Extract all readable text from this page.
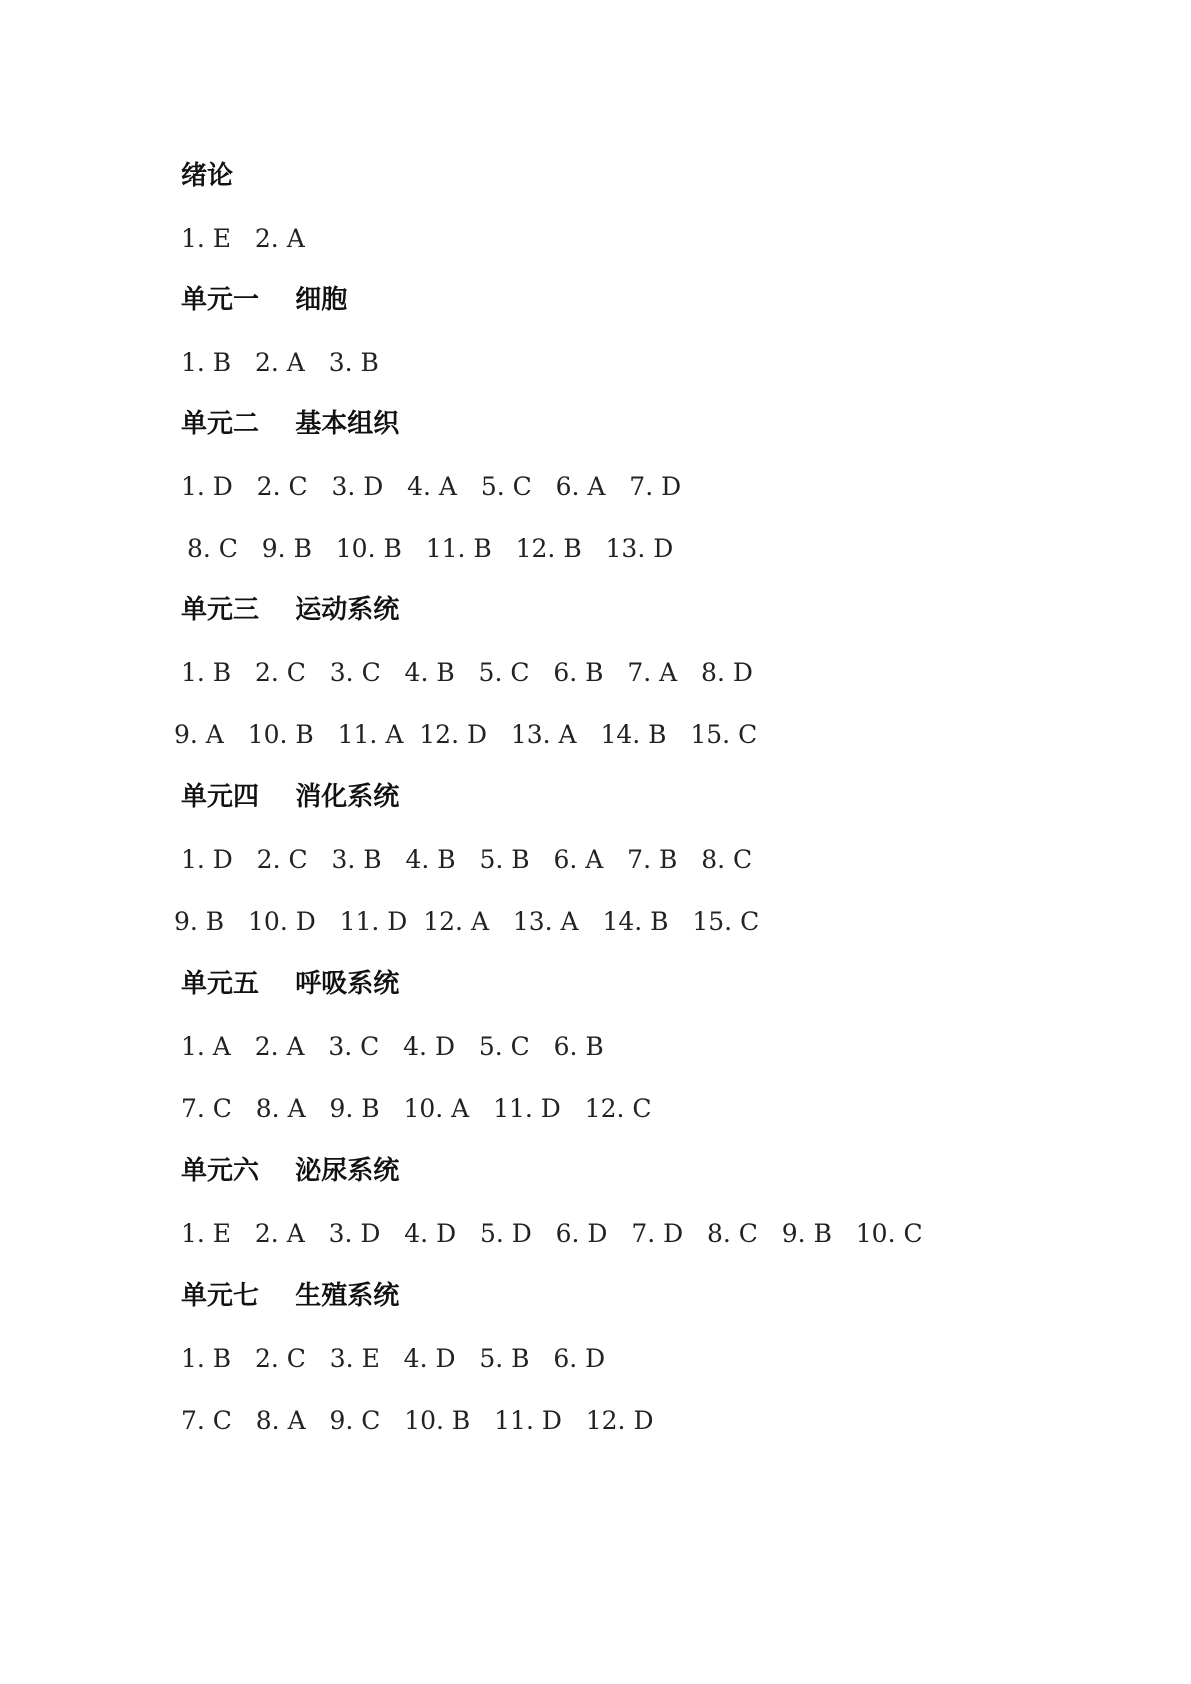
绪论
1. E   2. A
单元一    细胞
1. B   2. A   3. B
单元二    基本组织
1. D   2. C   3. D   4. A   5. C   6. A   7. D
8. C   9. B   10. B   11. B   12. B   13. D
单元三    运动系统
1. B   2. C   3. C   4. B   5. C   6. B   7. A   8. D
9. A   10. B   11. A  12. D   13. A   14. B   15. C
单元四    消化系统
1. D   2. C   3. B   4. B   5. B   6. A   7. B   8. C
9. B   10. D   11. D  12. A   13. A   14. B   15. C
单元五    呼吸系统
1. A   2. A   3. C   4. D   5. C   6. B
7. C   8. A   9. B   10. A   11. D   12. C
单元六    泌尿系统
1. E   2. A   3. D   4. D   5. D   6. D   7. D   8. C   9. B   10. C
单元七    生殖系统
1. B   2. C   3. E   4. D   5. B   6. D
7. C   8. A   9. C   10. B   11. D   12. D
